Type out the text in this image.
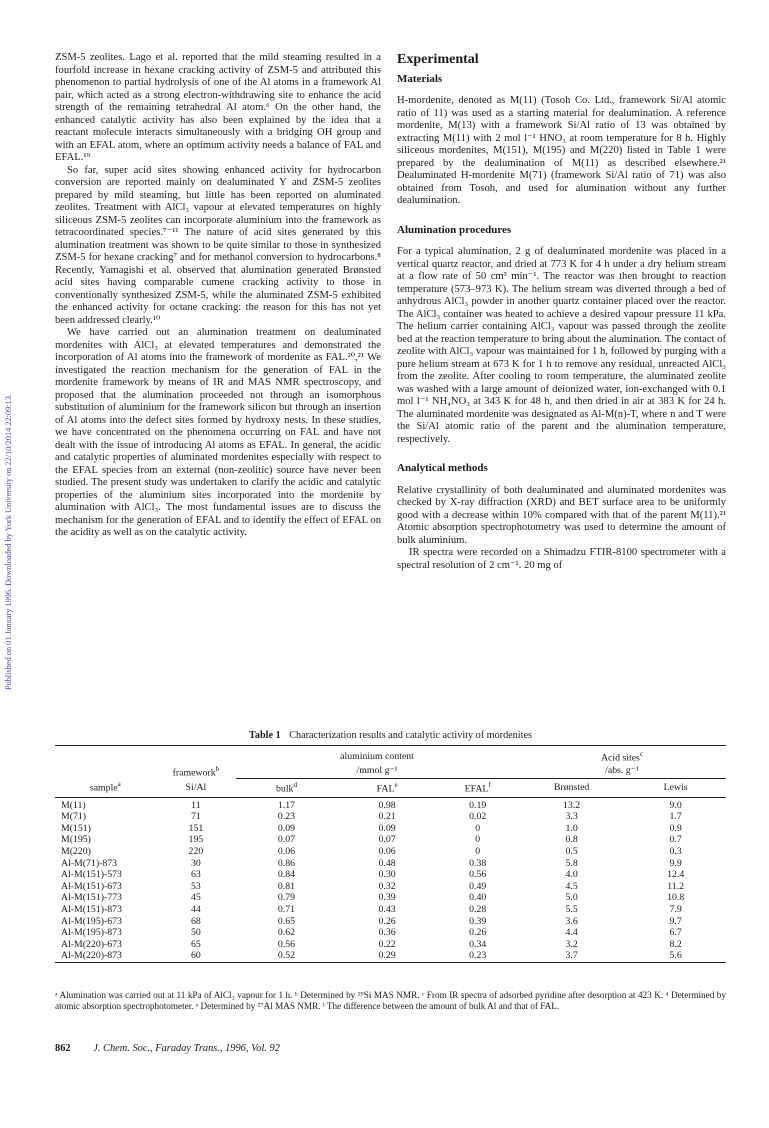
Published on 01 January 1996. Downloaded by York University on 22/10/2014 22:09:13.

ZSM-5 zeolites. Lago et al. reported that the mild steaming resulted in a fourfold increase in hexane cracking activity of ZSM-5 and attributed this phenomenon to partial hydrolysis of one of the Al atoms in a framework Al pair, which acted as a strong electron-withdrawing site to enhance the acid strength of the remaining tetrahedral Al atom.⁶ On the other hand, the enhanced catalytic activity has also been explained by the idea that a reactant molecule interacts simultaneously with a bridging OH group and with an EFAL atom, where an optimum activity needs a balance of FAL and EFAL.¹⁹

So far, super acid sites showing enhanced activity for hydrocarbon conversion are reported mainly on dealuminated Y and ZSM-5 zeolites prepared by mild steaming, but little has been reported on aluminated zeolites. Treatment with AlCl₃ vapour at elevated temperatures on highly siliceous ZSM-5 zeolites can incorporate aluminium into the framework as tetracoordinated species.⁷⁻¹¹ The nature of acid sites generated by this alumination treatment was shown to be quite similar to those in synthesized ZSM-5 for hexane cracking⁷ and for methanol conversion to hydrocarbons.⁸ Recently, Yamagishi et al. observed that alumination generated Brønsted acid sites having comparable cumene cracking activity to those in conventionally synthesized ZSM-5, while the aluminated ZSM-5 exhibited the enhanced activity for octane cracking: the reason for this has not yet been addressed clearly.¹⁰

We have carried out an alumination treatment on dealuminated mordenites with AlCl₃ at elevated temperatures and demonstrated the incorporation of Al atoms into the framework of mordenite as FAL.²⁰,²¹ We investigated the reaction mechanism for the generation of FAL in the mordenite framework by means of IR and MAS NMR spectroscopy, and proposed that the alumination proceeded not through an isomorphous substitution of aluminium for the framework silicon but through an insertion of Al atoms into the defect sites formed by hydroxy nests. In these studies, we have concentrated on the phenomena occurring on FAL and have not dealt with the issue of introducing Al atoms as EFAL. In general, the acidic and catalytic properties of aluminated mordenites especially with respect to the EFAL species from an external (non-zeolitic) source have never been studied. The present study was undertaken to clarify the acidic and catalytic properties of the aluminium sites incorporated into the mordenite by alumination with AlCl₃. The most fundamental issues are to discuss the mechanism for the generation of EFAL and to identify the effect of EFAL on the acidity as well as on the catalytic activity.

Experimental
Materials

H-mordenite, denoted as M(11) (Tosoh Co. Ltd., framework Si/Al atomic ratio of 11) was used as a starting material for dealumination. A reference mordenite, M(13) with a framework Si/Al ratio of 13 was obtained by extracting M(11) with 2 mol l⁻¹ HNO₃ at room temperature for 8 h. Highly siliceous mordenites, M(151), M(195) and M(220) listed in Table 1 were prepared by the dealumination of M(11) as described elsewhere.²¹ Dealuminated H-mordenite M(71) (framework Si/Al ratio of 71) was also obtained from Tosoh, and used for alumination without any further dealumination.

Alumination procedures

For a typical alumination, 2 g of dealuminated mordenite was placed in a vertical quartz reactor, and dried at 773 K for 4 h under a dry helium stream at a flow rate of 50 cm³ min⁻¹. The reactor was then brought to reaction temperature (573–973 K). The helium stream was diverted through a bed of anhydrous AlCl₃ powder in another quartz container placed over the reactor. The AlCl₃ container was heated to achieve a desired vapour pressure 11 kPa. The helium carrier containing AlCl₃ vapour was passed through the zeolite bed at the reaction temperature to bring about the alumination. The contact of zeolite with AlCl₃ vapour was maintained for 1 h, followed by purging with a pure helium stream at 673 K for 1 h to remove any residual, unreacted AlCl₃ from the zeolite. After cooling to room temperature, the aluminated zeolite was washed with a large amount of deionized water, ion-exchanged with 0.1 mol l⁻¹ NH₄NO₃ at 343 K for 48 h, and then dried in air at 383 K for 24 h. The aluminated mordenite was designated as Al-M(n)-T, where n and T were the Si/Al atomic ratio of the parent and the alumination temperature, respectively.

Analytical methods

Relative crystallinity of both dealuminated and aluminated mordenites was checked by X-ray diffraction (XRD) and BET surface area to be uniformly good with a decrease within 10% compared with that of the parent M(11).²¹ Atomic absorption spectrophotometry was used to determine the amount of bulk aluminium.

IR spectra were recorded on a Shimadzu FTIR-8100 spectrometer with a spectral resolution of 2 cm⁻¹. 20 mg of

Table 1 Characterization results and catalytic activity of mordenites

		aluminium content			Acid sites$^c$
	framework$^b$	/mmol g⁻¹			/abs. g⁻¹	
sample$^a$	Si/Al	bulk$^d$	FAL$^e$	EFAL$^f$	Brønsted	Lewis

M(11)	11	1.17	0.98	0.19	13.2	9.0
M(71)	71	0.23	0.21	0.02	3.3	1.7
M(151)	151	0.09	0.09	0	1.0	0.9
M(195)	195	0.07	0.07	0	0.8	0.7
M(220)	220	0.06	0.06	0	0.5	0.3
Al-M(71)-873	30	0.86	0.48	0.38	5.8	9.9
Al-M(151)-573	63	0.84	0.30	0.56	4.0	12.4
Al-M(151)-673	53	0.81	0.32	0.49	4.5	11.2
Al-M(151)-773	45	0.79	0.39	0.40	5.0	10.8
Al-M(151)-873	44	0.71	0.43	0.28	5.5	7.9
Al-M(195)-673	68	0.65	0.26	0.39	3.6	9.7
Al-M(195)-873	50	0.62	0.36	0.26	4.4	6.7
Al-M(220)-673	65	0.56	0.22	0.34	3.2	8.2
Al-M(220)-873	60	0.52	0.29	0.23	3.7	5.6

ᵃ Alumination was carried out at 11 kPa of AlCl₃ vapour for 1 h. ᵇ Determined by ²⁹Si MAS NMR. ᶜ From IR spectra of adsorbed pyridine after desorption at 423 K. ᵈ Determined by atomic absorption spectrophotometer. ᵉ Determined by ²⁷Al MAS NMR. ᶠ The difference between the amount of bulk Al and that of FAL.
862 J. Chem. Soc., Faraday Trans., 1996, Vol. 92
